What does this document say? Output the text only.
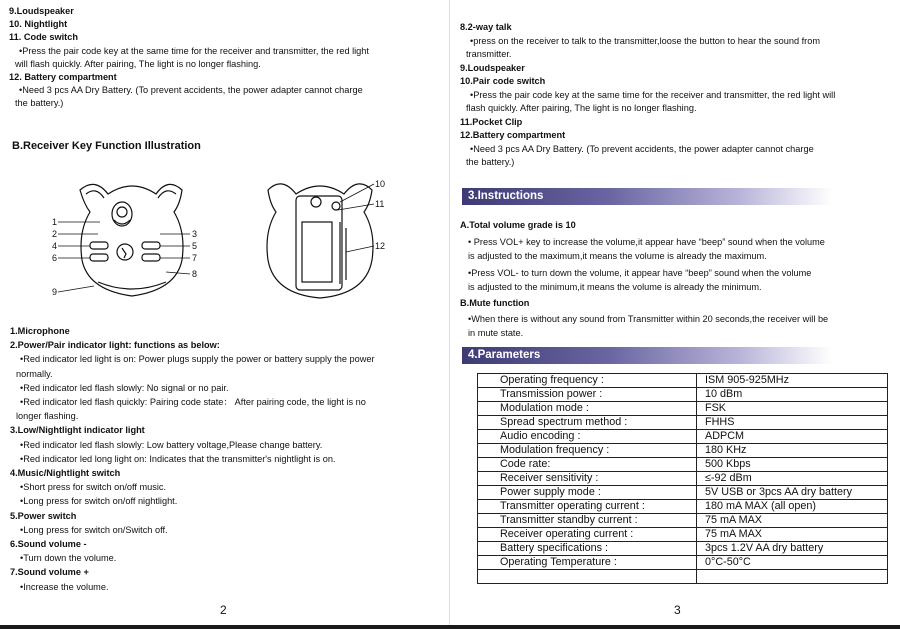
9.Loudspeaker
10. Nightlight
11. Code switch
•Press the pair code key at the same time for the receiver and transmitter, the red light
will flash quickly. After pairing, The light is no longer flashing.
12. Battery compartment
•Need 3 pcs AA Dry Battery. (To prevent accidents, the power adapter cannot charge
the battery.)
B.Receiver Key Function Illustration
1
2	3
4	5
6	7
8
9
10
11
12
1.Microphone
2.Power/Pair indicator light: functions as below:
•Red indicator led light is on: Power plugs supply the power or battery supply the power
normally.
•Red indicator led flash slowly: No signal or no pair.
•Red indicator led flash quickly: Pairing code state： After pairing code, the light is no
longer flashing.
3.Low/Nightlight indicator light
•Red indicator led flash slowly: Low battery voltage,Please change battery.
•Red indicator led long light on: Indicates that the transmitter's nightlight is on.
4.Music/Nightlight switch
•Short press for switch on/off music.
•Long press for switch on/off nightlight.
5.Power switch
•Long press for switch on/Switch off.
6.Sound volume -
•Turn down the volume.
7.Sound volume +
•Increase the volume.
2
8.2-way talk
•press on the receiver to talk to the transmitter,loose the button to hear the sound from
transmitter.
9.Loudspeaker
10.Pair code switch
•Press the pair code key at the same time for the receiver and transmitter, the red light will
flash quickly. After pairing, The light is no longer flashing.
11.Pocket Clip
12.Battery compartment
•Need 3 pcs AA Dry Battery. (To prevent accidents, the power adapter cannot charge
the battery.)
3.Instructions
A.Total volume grade is 10
• Press VOL+ key to increase the volume,it appear have “beep” sound when the volume
is adjusted to the maximum,it means the volume is already the maximum.
•Press VOL- to turn down the volume, it appear have “beep” sound when the volume
is adjusted to the minimum,it means the volume is already the minimum.
B.Mute function
•When there is without any sound from Transmitter within 20 seconds,the receiver will be
in mute state.
4.Parameters
Operating frequency :	ISM 905-925MHz
Transmission power :	10 dBm
Modulation mode :	FSK
Spread spectrum method :	FHHS
Audio encoding :	ADPCM
Modulation frequency :	180 KHz
Code rate:	500 Kbps
Receiver sensitivity :	≤-92 dBm
Power supply mode :	5V USB or 3pcs AA dry battery
Transmitter operating current :	180 mA MAX (all open)
Transmitter standby current :	75 mA MAX
Receiver operating current :	75 mA MAX
Battery specifications :	3pcs 1.2V AA dry battery
Operating Temperature :	0°C-50°C

3
